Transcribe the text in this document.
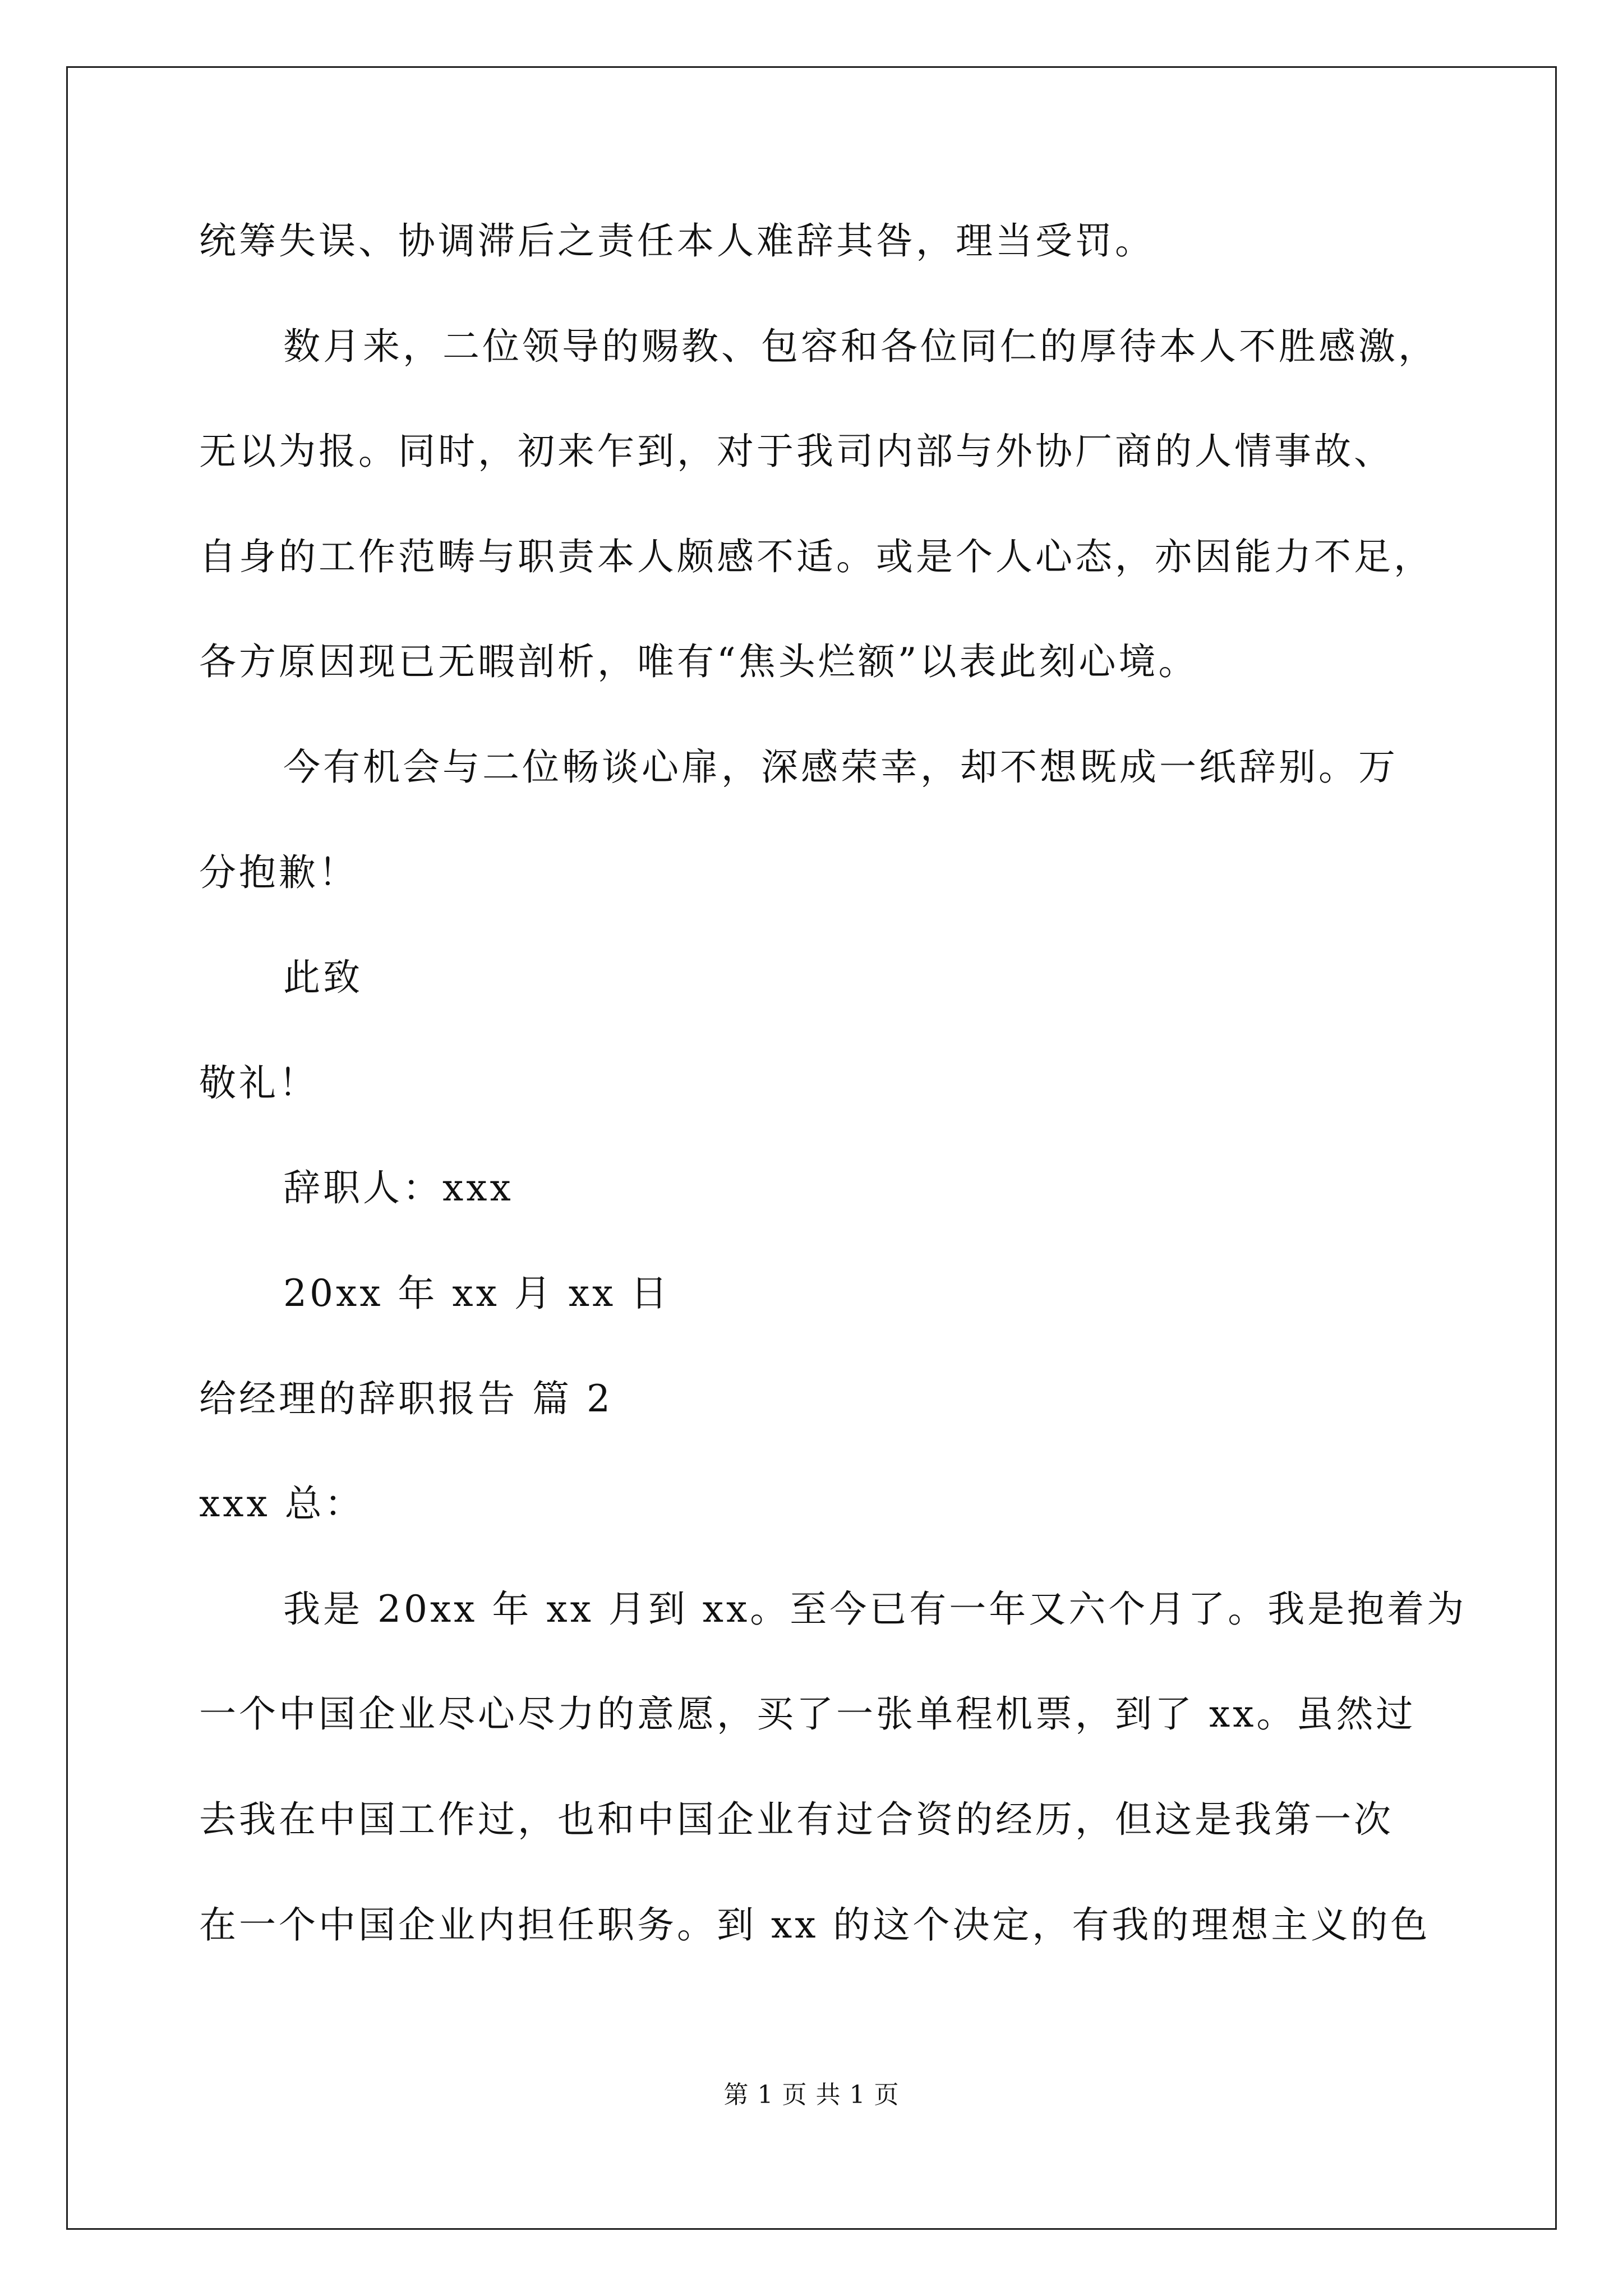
统筹失误、协调滞后之责任本人难辞其咎，理当受罚。
数月来，二位领导的赐教、包容和各位同仁的厚待本人不胜感激，
无以为报。同时，初来乍到，对于我司内部与外协厂商的人情事故、
自身的工作范畴与职责本人颇感不适。或是个人心态，亦因能力不足，
各方原因现已无暇剖析，唯有“焦头烂额”以表此刻心境。
今有机会与二位畅谈心扉，深感荣幸，却不想既成一纸辞别。万
分抱歉！
此致
敬礼！
辞职人：xxx
20xx 年 xx 月 xx 日
给经理的辞职报告 篇 2
xxx 总：
我是 20xx 年 xx 月到 xx。至今已有一年又六个月了。我是抱着为
一个中国企业尽心尽力的意愿，买了一张单程机票，到了 xx。虽然过
去我在中国工作过，也和中国企业有过合资的经历，但这是我第一次
在一个中国企业内担任职务。到 xx 的这个决定，有我的理想主义的色
第 1 页 共 1 页
